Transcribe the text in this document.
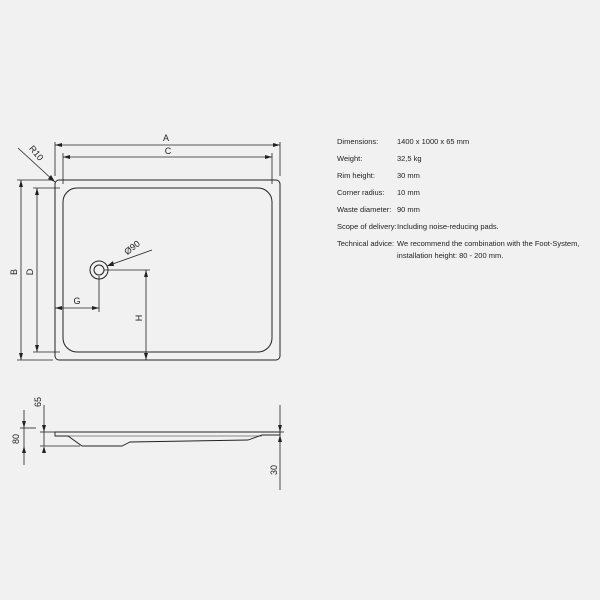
A
C
B D
H
G
R10
Ø90
65
80
30
Dimensions:	1400 x 1000 x 65 mm
Weight:	32,5 kg
Rim height:	30 mm
Corner radius:	10 mm
Waste diameter: 90 mm
Scope of delivery: Including noise-reducing pads.
Technical advice: We recommend the combination with the Foot-System, installation height: 80 - 200 mm.
